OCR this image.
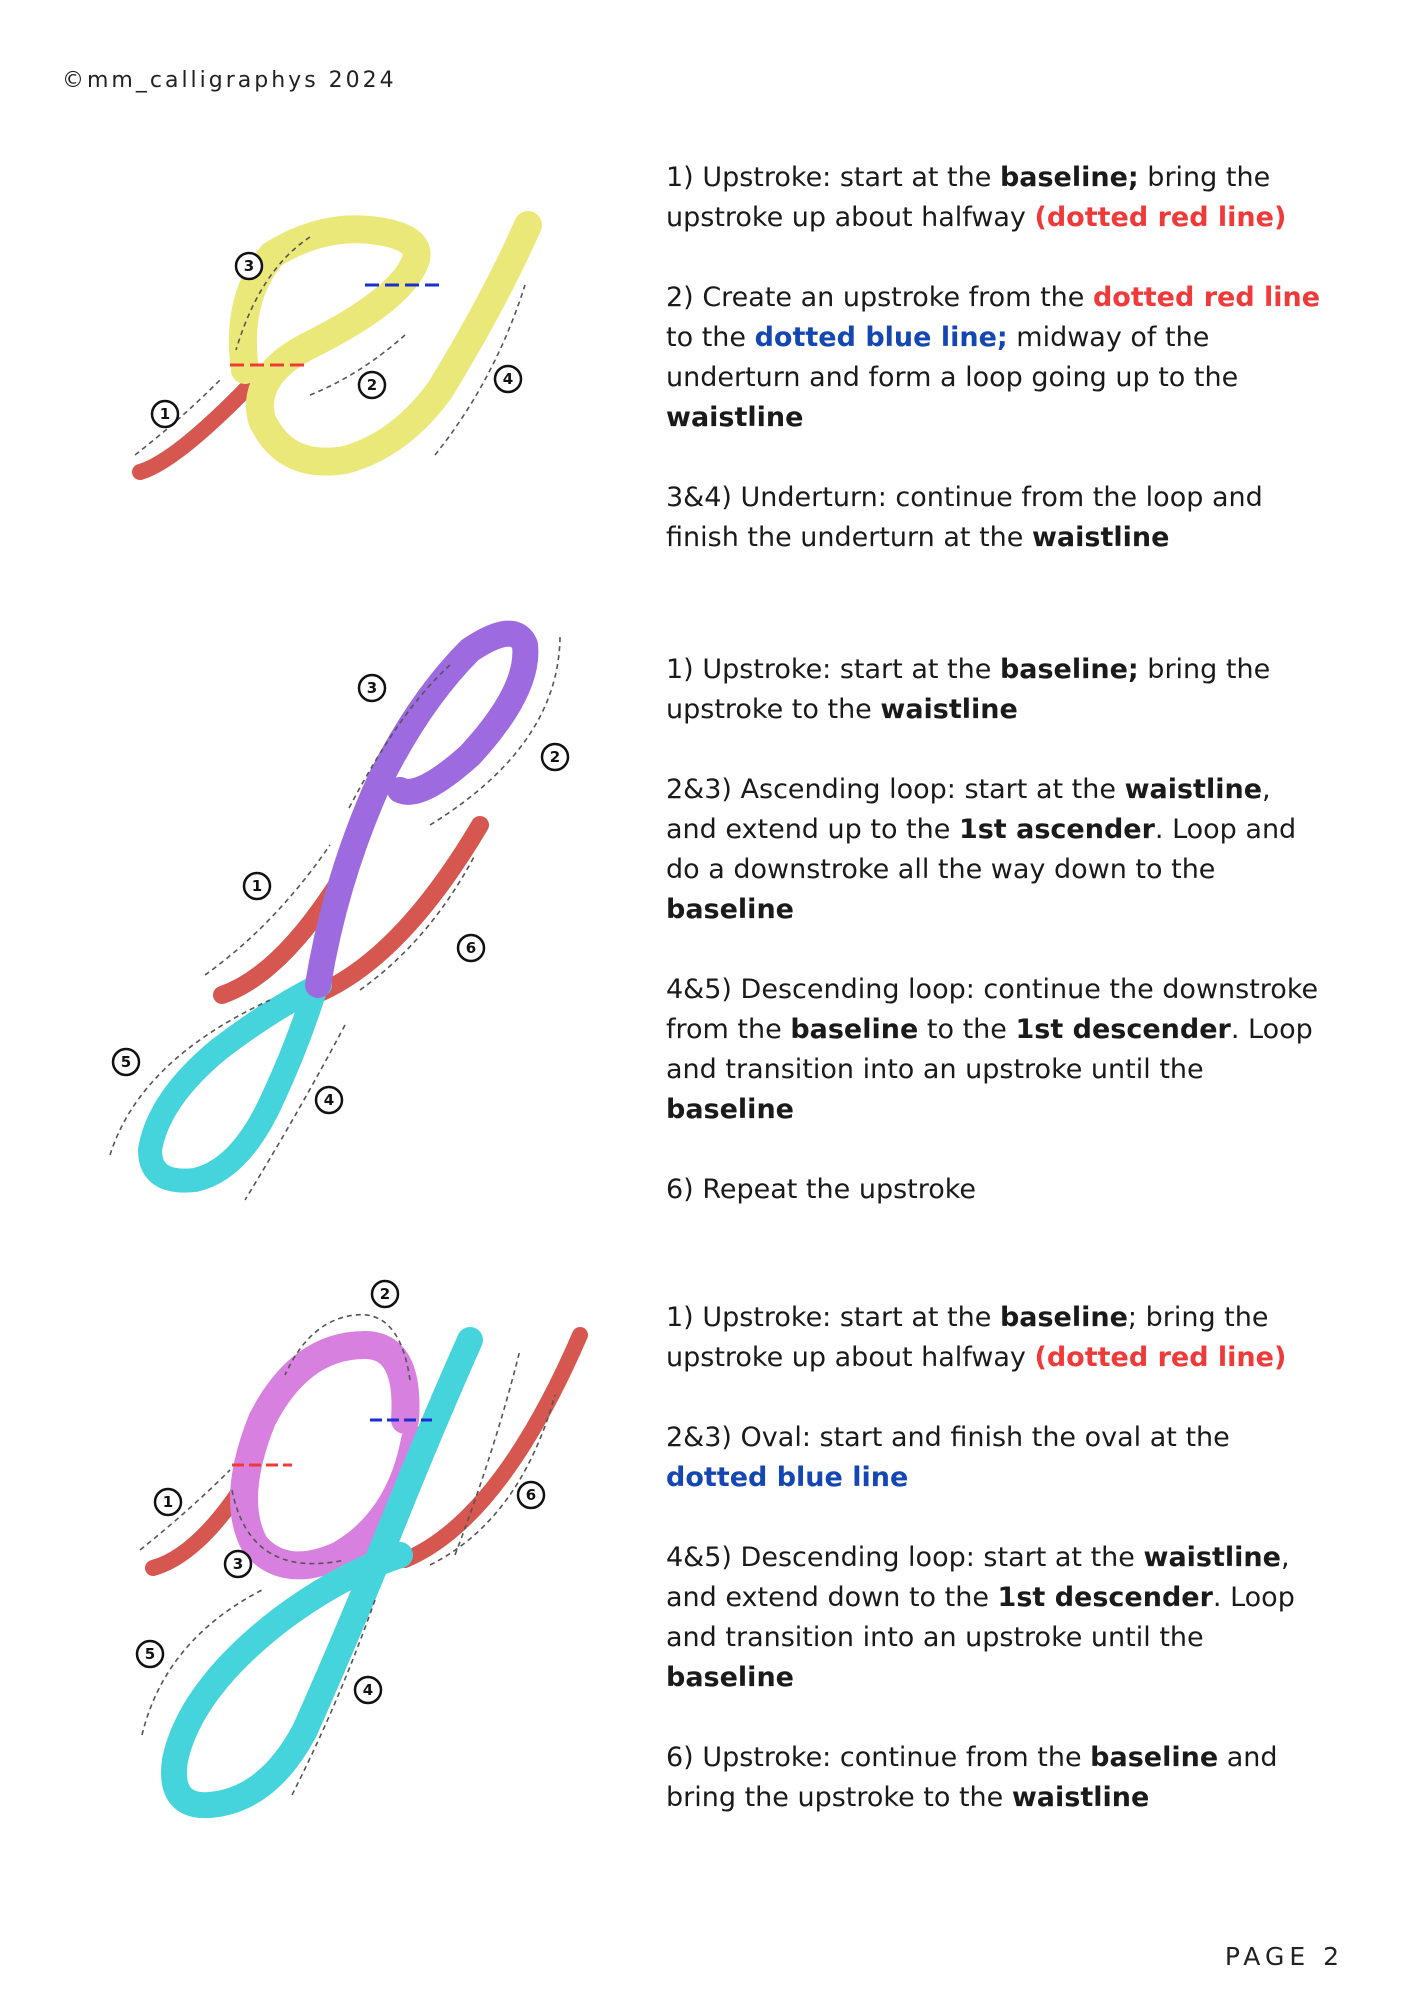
©mm_calligraphys 2024
1
2
3
4

1) Upstroke: start at the baseline; bring the upstroke up about halfway (dotted red line)

2) Create an upstroke from the dotted red line to the dotted blue line; midway of the underturn and form a loop going up to the waistline

3&4) Underturn: continue from the loop and finish the underturn at the waistline

1
2
3
4
5
6

1) Upstroke: start at the baseline; bring the upstroke to the waistline

2&3) Ascending loop: start at the waistline, and extend up to the 1st ascender. Loop and do a downstroke all the way down to the baseline

4&5) Descending loop: continue the downstroke from the baseline to the 1st descender. Loop and transition into an upstroke until the baseline

6) Repeat the upstroke

1
2
3
4
5
6

1) Upstroke: start at the baseline; bring the upstroke up about halfway (dotted red line)

2&3) Oval: start and finish the oval at the dotted blue line

4&5) Descending loop: start at the waistline, and extend down to the 1st descender. Loop and transition into an upstroke until the baseline

6) Upstroke: continue from the baseline and bring the upstroke to the waistline

PAGE 2
